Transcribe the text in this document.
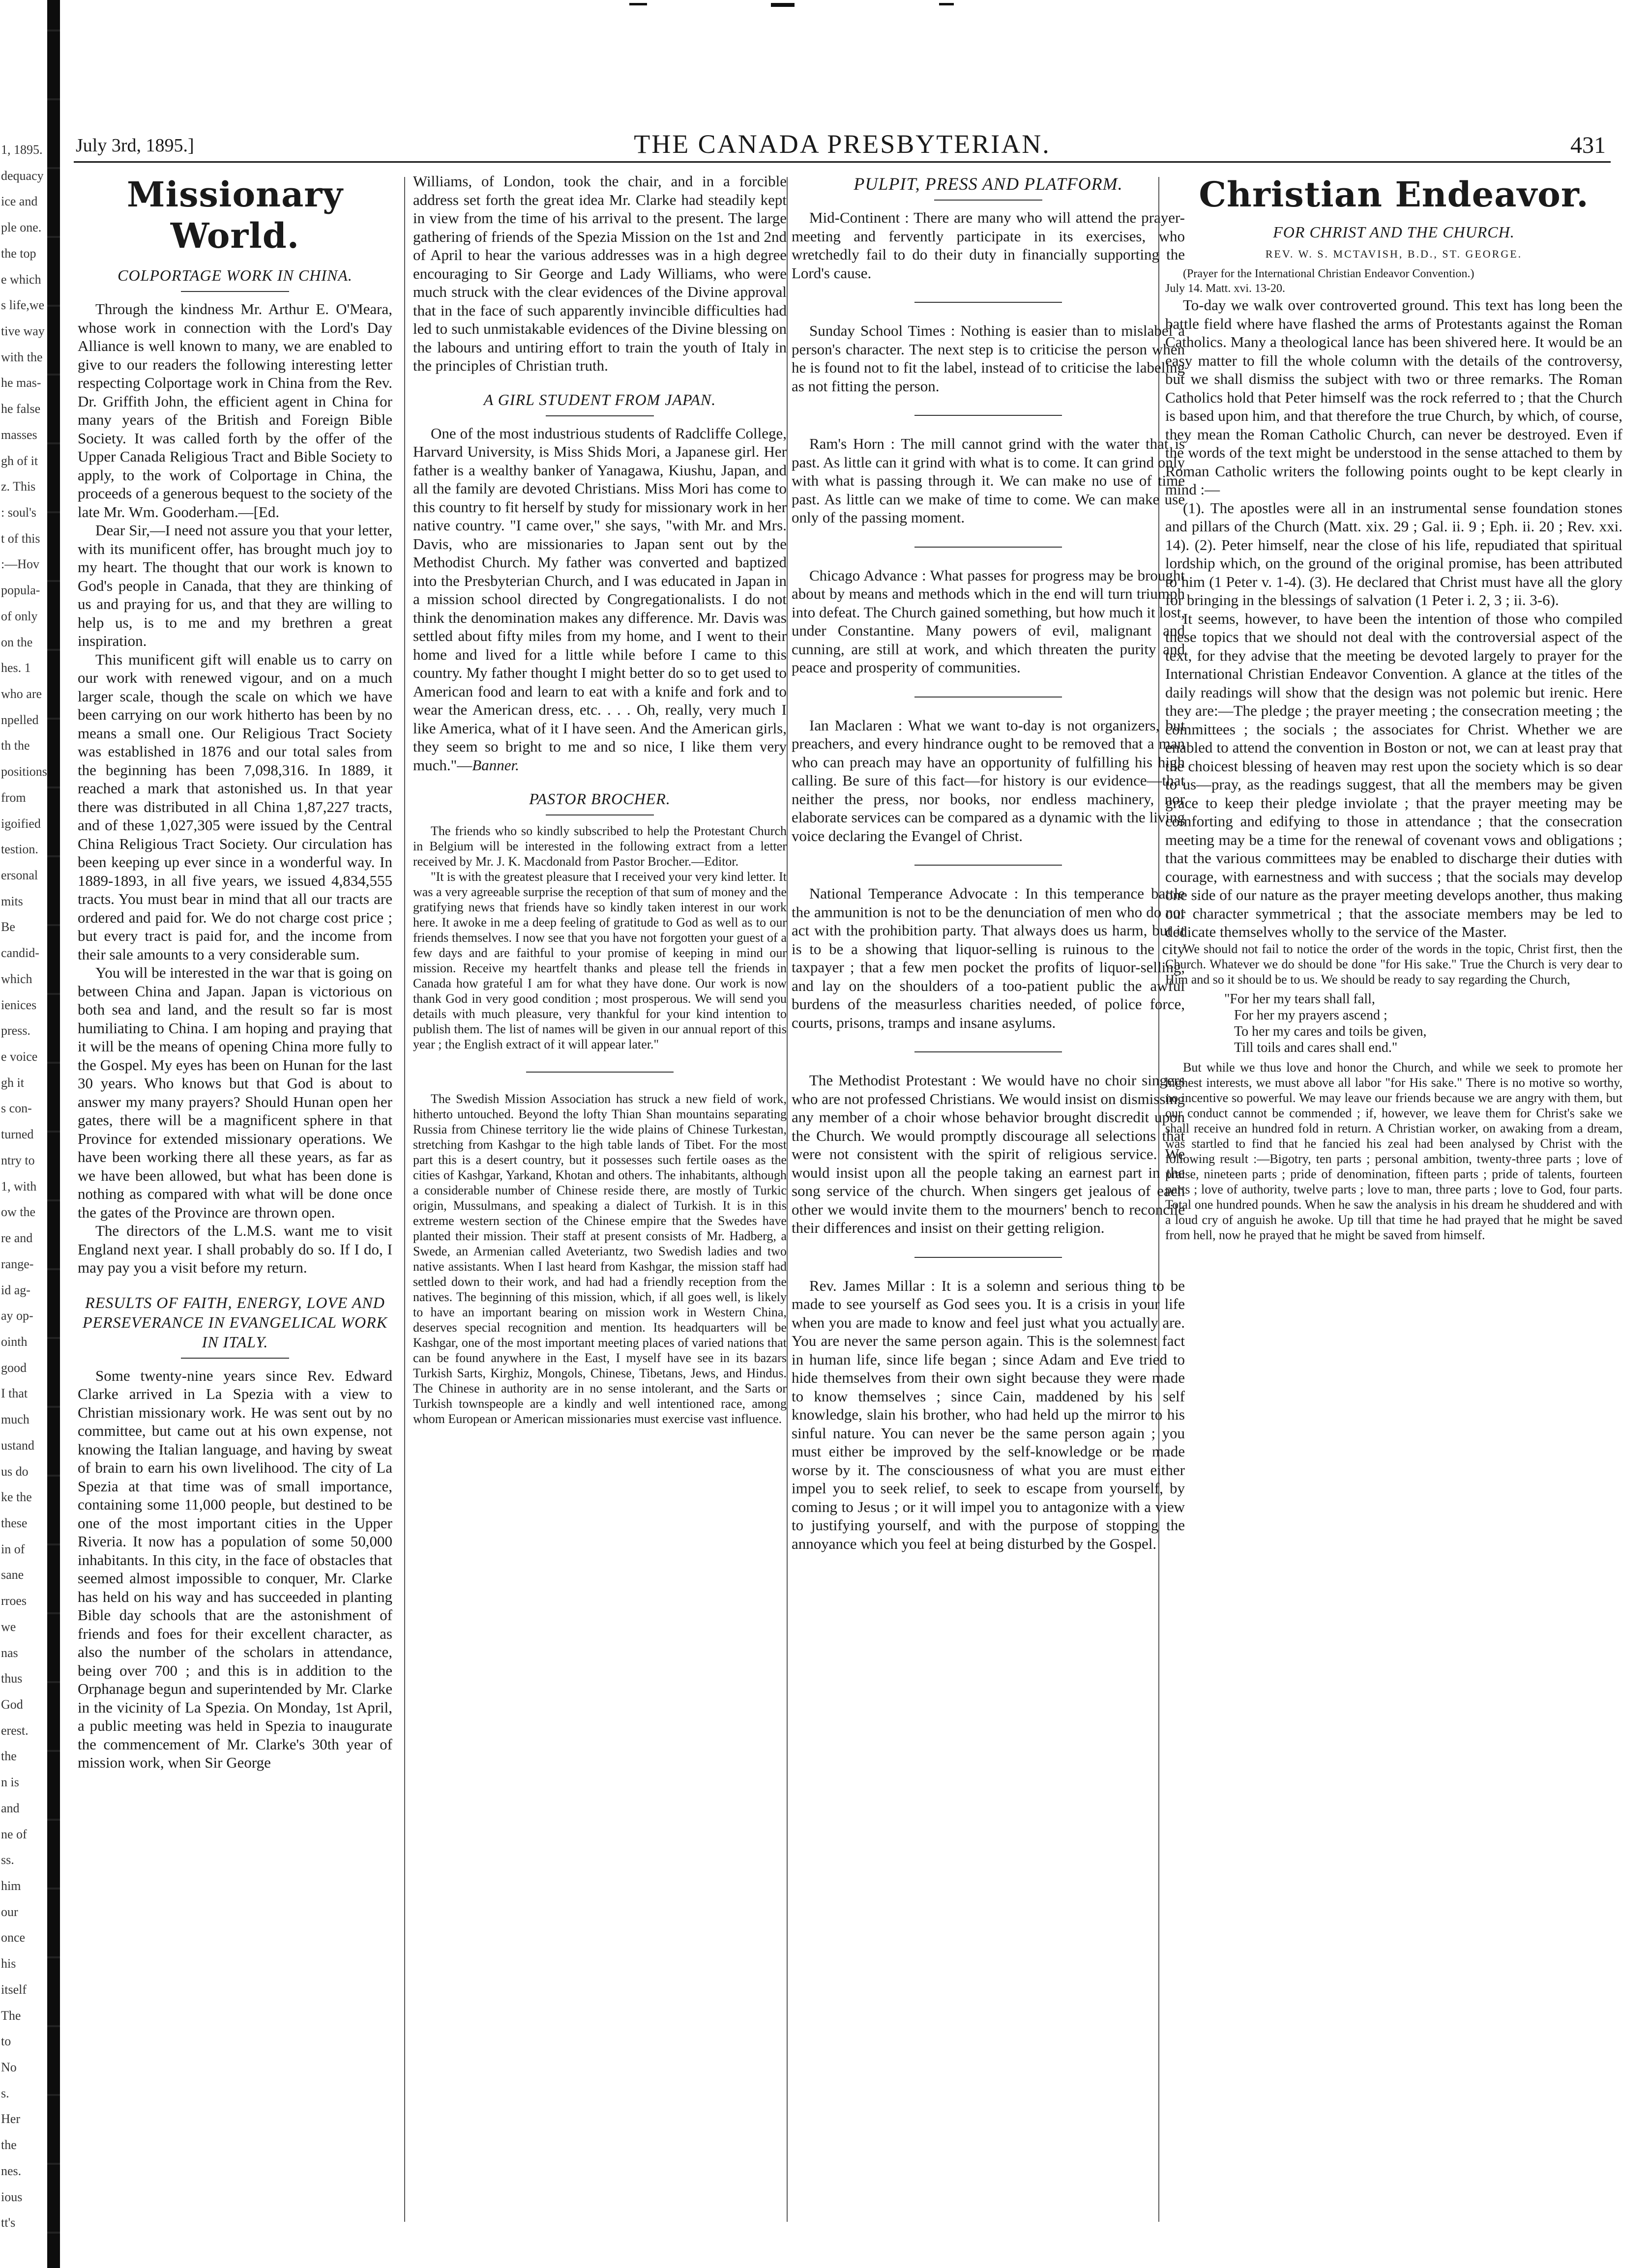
1, 1895.
dequacy
ice and
ple one.
the top
e which
s life,we
tive way
with the
he mas-
he false
masses
gh of it
z. This
: soul's
t of this
:—Hov
popula-
of only
on the
hes. 1
who are
npelled
th the
positions
from
igoified
testion.
ersonal
mits
Be
candid-
which
ienices
press.
e voice
gh it
s con-
turned
ntry to
1, with
ow the
re and
range-
id ag-
ay op-
ointh
good
I that
much
ustand
us do
ke the
these
in of
sane
rroes
we
nas
thus
God
erest.
the
n is
and
ne of
ss.
him
our
once
his
itself
The
to
No
s.
Her
the
nes.
ious
tt's
July 3rd, 1895.]	THE CANADA PRESBYTERIAN.	431
Missionary World.
COLPORTAGE WORK IN CHINA.

Through the kindness Mr. Arthur E. O'Meara, whose work in connection with the Lord's Day Alliance is well known to many, we are enabled to give to our readers the following interesting letter respecting Colportage work in China from the Rev. Dr. Griffith John, the efficient agent in China for many years of the British and Foreign Bible Society. It was called forth by the offer of the Upper Canada Religious Tract and Bible Society to apply, to the work of Colportage in China, the proceeds of a generous bequest to the society of the late Mr. Wm. Gooderham.—[Ed.

Dear Sir,—I need not assure you that your letter, with its munificent offer, has brought much joy to my heart. The thought that our work is known to God's people in Canada, that they are thinking of us and praying for us, and that they are willing to help us, is to me and my brethren a great inspiration.

This munificent gift will enable us to carry on our work with renewed vigour, and on a much larger scale, though the scale on which we have been carrying on our work hitherto has been by no means a small one. Our Religious Tract Society was established in 1876 and our total sales from the beginning has been 7,098,316. In 1889, it reached a mark that astonished us. In that year there was distributed in all China 1,87,227 tracts, and of these 1,027,305 were issued by the Central China Religious Tract Society. Our circulation has been keeping up ever since in a wonderful way. In 1889-1893, in all five years, we issued 4,834,555 tracts. You must bear in mind that all our tracts are ordered and paid for. We do not charge cost price ; but every tract is paid for, and the income from their sale amounts to a very considerable sum.

You will be interested in the war that is going on between China and Japan. Japan is victorious on both sea and land, and the result so far is most humiliating to China. I am hoping and praying that it will be the means of opening China more fully to the Gospel. My eyes has been on Hunan for the last 30 years. Who knows but that God is about to answer my many prayers? Should Hunan open her gates, there will be a magnificent sphere in that Province for extended missionary operations. We have been working there all these years, as far as we have been allowed, but what has been done is nothing as compared with what will be done once the gates of the Province are thrown open.

The directors of the L.M.S. want me to visit England next year. I shall probably do so. If I do, I may pay you a visit before my return.

RESULTS OF FAITH, ENERGY, LOVE AND PERSEVERANCE IN EVANGELICAL WORK IN ITALY.

Some twenty-nine years since Rev. Edward Clarke arrived in La Spezia with a view to Christian missionary work. He was sent out by no committee, but came out at his own expense, not knowing the Italian language, and having by sweat of brain to earn his own livelihood. The city of La Spezia at that time was of small importance, containing some 11,000 people, but destined to be one of the most important cities in the Upper Riveria. It now has a population of some 50,000 inhabitants. In this city, in the face of obstacles that seemed almost impossible to conquer, Mr. Clarke has held on his way and has succeeded in planting Bible day schools that are the astonishment of friends and foes for their excellent character, as also the number of the scholars in attendance, being over 700 ; and this is in addition to the Orphanage begun and superintended by Mr. Clarke in the vicinity of La Spezia. On Monday, 1st April, a public meeting was held in Spezia to inaugurate the commencement of Mr. Clarke's 30th year of mission work, when Sir George

Williams, of London, took the chair, and in a forcible address set forth the great idea Mr. Clarke had steadily kept in view from the time of his arrival to the present. The large gathering of friends of the Spezia Mission on the 1st and 2nd of April to hear the various addresses was in a high degree encouraging to Sir George and Lady Williams, who were much struck with the clear evidences of the Divine approval that in the face of such apparently invincible difficulties had led to such unmistakable evidences of the Divine blessing on the labours and untiring effort to train the youth of Italy in the principles of Christian truth.

A GIRL STUDENT FROM JAPAN.

One of the most industrious students of Radcliffe College, Harvard University, is Miss Shids Mori, a Japanese girl. Her father is a wealthy banker of Yanagawa, Kiushu, Japan, and all the family are devoted Christians. Miss Mori has come to this country to fit herself by study for missionary work in her native country. "I came over," she says, "with Mr. and Mrs. Davis, who are missionaries to Japan sent out by the Methodist Church. My father was converted and baptized into the Presbyterian Church, and I was educated in Japan in a mission school directed by Congregationalists. I do not think the denomination makes any difference. Mr. Davis was settled about fifty miles from my home, and I went to their home and lived for a little while before I came to this country. My father thought I might better do so to get used to American food and learn to eat with a knife and fork and to wear the American dress, etc. . . . Oh, really, very much I like America, what of it I have seen. And the American girls, they seem so bright to me and so nice, I like them very much."—Banner.

PASTOR BROCHER.

The friends who so kindly subscribed to help the Protestant Church in Belgium will be interested in the following extract from a letter received by Mr. J. K. Macdonald from Pastor Brocher.—Editor.

"It is with the greatest pleasure that I received your very kind letter. It was a very agreeable surprise the reception of that sum of money and the gratifying news that friends have so kindly taken interest in our work here. It awoke in me a deep feeling of gratitude to God as well as to our friends themselves. I now see that you have not forgotten your guest of a few days and are faithful to your promise of keeping in mind our mission. Receive my heartfelt thanks and please tell the friends in Canada how grateful I am for what they have done. Our work is now thank God in very good condition ; most prosperous. We will send you details with much pleasure, very thankful for your kind intention to publish them. The list of names will be given in our annual report of this year ; the English extract of it will appear later."

The Swedish Mission Association has struck a new field of work, hitherto untouched. Beyond the lofty Thian Shan mountains separating Russia from Chinese territory lie the wide plains of Chinese Turkestan, stretching from Kashgar to the high table lands of Tibet. For the most part this is a desert country, but it possesses such fertile oases as the cities of Kashgar, Yarkand, Khotan and others. The inhabitants, although a considerable number of Chinese reside there, are mostly of Turkic origin, Mussulmans, and speaking a dialect of Turkish. It is in this extreme western section of the Chinese empire that the Swedes have planted their mission. Their staff at present consists of Mr. Hadberg, a Swede, an Armenian called Aveteriantz, two Swedish ladies and two native assistants. When I last heard from Kashgar, the mission staff had settled down to their work, and had had a friendly reception from the natives. The beginning of this mission, which, if all goes well, is likely to have an important bearing on mission work in Western China, deserves special recognition and mention. Its headquarters will be Kashgar, one of the most important meeting places of varied nations that can be found anywhere in the East, I myself have see in its bazars Turkish Sarts, Kirghiz, Mongols, Chinese, Tibetans, Jews, and Hindus. The Chinese in authority are in no sense intolerant, and the Sarts or Turkish townspeople are a kindly and well intentioned race, among whom European or American missionaries must exercise vast influence.

PULPIT, PRESS AND PLATFORM.

Mid-Continent : There are many who will attend the prayer-meeting and fervently participate in its exercises, who wretchedly fail to do their duty in financially supporting the Lord's cause.

Sunday School Times : Nothing is easier than to mislabel a person's character. The next step is to criticise the person when he is found not to fit the label, instead of to criticise the labeling as not fitting the person.

Ram's Horn : The mill cannot grind with the water that is past. As little can it grind with what is to come. It can grind only with what is passing through it. We can make no use of time past. As little can we make of time to come. We can make use only of the passing moment.

Chicago Advance : What passes for progress may be brought about by means and methods which in the end will turn triumph into defeat. The Church gained something, but how much it lost, under Constantine. Many powers of evil, malignant and cunning, are still at work, and which threaten the purity and peace and prosperity of communities.

Ian Maclaren : What we want to-day is not organizers, but preachers, and every hindrance ought to be removed that a man who can preach may have an opportunity of fulfilling his high calling. Be sure of this fact—for history is our evidence—that neither the press, nor books, nor endless machinery, nor elaborate services can be compared as a dynamic with the living voice declaring the Evangel of Christ.

National Temperance Advocate : In this temperance battle the ammunition is not to be the denunciation of men who do not act with the prohibition party. That always does us harm, but it is to be a showing that liquor-selling is ruinous to the city taxpayer ; that a few men pocket the profits of liquor-selling, and lay on the shoulders of a too-patient public the awful burdens of the measurless charities needed, of police force, courts, prisons, tramps and insane asylums.

The Methodist Protestant : We would have no choir singers who are not professed Christians. We would insist on dismissing any member of a choir whose behavior brought discredit upon the Church. We would promptly discourage all selections that were not consistent with the spirit of religious service. We would insist upon all the people taking an earnest part in the song service of the church. When singers get jealous of each other we would invite them to the mourners' bench to reconcile their differences and insist on their getting religion.

Rev. James Millar : It is a solemn and serious thing to be made to see yourself as God sees you. It is a crisis in your life when you are made to know and feel just what you actually are. You are never the same person again. This is the solemnest fact in human life, since life began ; since Adam and Eve tried to hide themselves from their own sight because they were made to know themselves ; since Cain, maddened by his self knowledge, slain his brother, who had held up the mirror to his sinful nature. You can never be the same person again ; you must either be improved by the self-knowledge or be made worse by it. The consciousness of what you are must either impel you to seek relief, to seek to escape from yourself, by coming to Jesus ; or it will impel you to antagonize with a view to justifying yourself, and with the purpose of stopping the annoyance which you feel at being disturbed by the Gospel.

Christian Endeavor.
FOR CHRIST AND THE CHURCH.
REV. W. S. MCTAVISH, B.D., ST. GEORGE.

(Prayer for the International Christian Endeavor Convention.)

July 14. Matt. xvi. 13-20.

To-day we walk over controverted ground. This text has long been the battle field where have flashed the arms of Protestants against the Roman Catholics. Many a theological lance has been shivered here. It would be an easy matter to fill the whole column with the details of the controversy, but we shall dismiss the subject with two or three remarks. The Roman Catholics hold that Peter himself was the rock referred to ; that the Church is based upon him, and that therefore the true Church, by which, of course, they mean the Roman Catholic Church, can never be destroyed. Even if the words of the text might be understood in the sense attached to them by Roman Catholic writers the following points ought to be kept clearly in mind :—

(1). The apostles were all in an instrumental sense foundation stones and pillars of the Church (Matt. xix. 29 ; Gal. ii. 9 ; Eph. ii. 20 ; Rev. xxi. 14). (2). Peter himself, near the close of his life, repudiated that spiritual lordship which, on the ground of the original promise, has been attributed to him (1 Peter v. 1-4). (3). He declared that Christ must have all the glory for bringing in the blessings of salvation (1 Peter i. 2, 3 ; ii. 3-6).

It seems, however, to have been the intention of those who compiled these topics that we should not deal with the controversial aspect of the text, for they advise that the meeting be devoted largely to prayer for the International Christian Endeavor Convention. A glance at the titles of the daily readings will show that the design was not polemic but irenic. Here they are:—The pledge ; the prayer meeting ; the consecration meeting ; the committees ; the socials ; the associates for Christ. Whether we are enabled to attend the convention in Boston or not, we can at least pray that the choicest blessing of heaven may rest upon the society which is so dear to us—pray, as the readings suggest, that all the members may be given grace to keep their pledge inviolate ; that the prayer meeting may be comforting and edifying to those in attendance ; that the consecration meeting may be a time for the renewal of covenant vows and obligations ; that the various committees may be enabled to discharge their duties with courage, with earnestness and with success ; that the socials may develop one side of our nature as the prayer meeting develops another, thus making our character symmetrical ; that the associate members may be led to dedicate themselves wholly to the service of the Master.

We should not fail to notice the order of the words in the topic, Christ first, then the Church. Whatever we do should be done "for His sake." True the Church is very dear to Him and so it should be to us. We should be ready to say regarding the Church,

"For her my tears shall fall,
For her my prayers ascend ;
To her my cares and toils be given,
Till toils and cares shall end."

But while we thus love and honor the Church, and while we seek to promote her highest interests, we must above all labor "for His sake." There is no motive so worthy, no incentive so powerful. We may leave our friends because we are angry with them, but our conduct cannot be commended ; if, however, we leave them for Christ's sake we shall receive an hundred fold in return. A Christian worker, on awaking from a dream, was startled to find that he fancied his zeal had been analysed by Christ with the following result :—Bigotry, ten parts ; personal ambition, twenty-three parts ; love of praise, nineteen parts ; pride of denomination, fifteen parts ; pride of talents, fourteen parts ; love of authority, twelve parts ; love to man, three parts ; love to God, four parts. Total one hundred pounds. When he saw the analysis in his dream he shuddered and with a loud cry of anguish he awoke. Up till that time he had prayed that he might be saved from hell, now he prayed that he might be saved from himself.
